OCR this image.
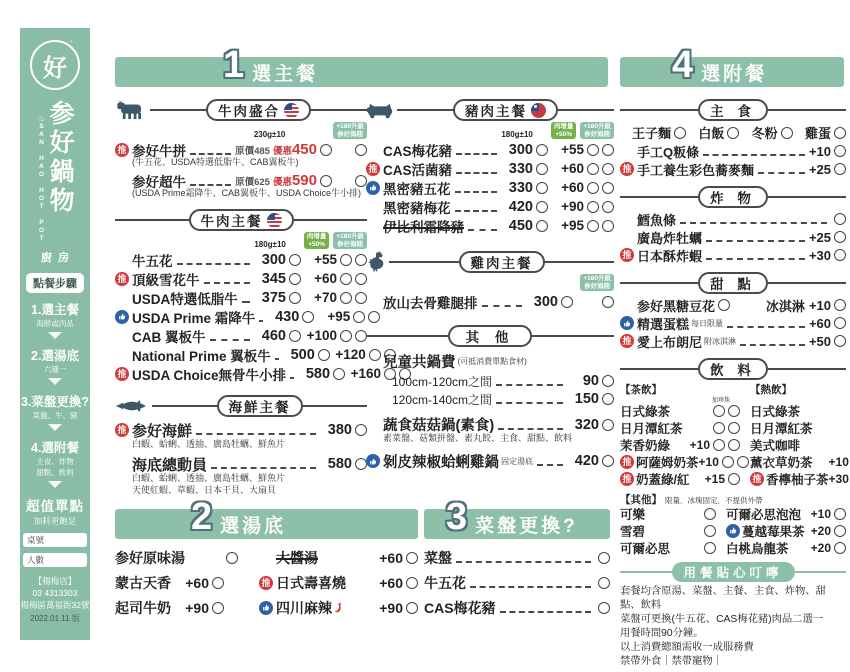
好
'
♨
SAN HAO HOT POT 参好鍋物
廚房
點餐步驟
1.選主餐
海鮮或肉品
2.選湯底
六選一
3.菜盤更換?
菜盤、牛、豬
4.選附餐
主食、炸物
甜點、飲料
超值單點
加料更飽足
桌號
人數
【楊梅店】
03 4313303
楊梅區萬福街32號
2022.01.11 版
1 選主餐	4 選附餐
2 選湯底	3 菜盤更換?
牛肉盛合
230g±10
+180升級
参好海陸
推 参好牛拼	原價485 優惠 450
(牛五花、USDA特選低脂牛、CAB翼板牛)
参好超牛	原價625 優惠 590
(USDA Prime霜降牛、CAB翼板牛、USDA Choice牛小排)
牛肉主餐
180g±10
肉增量
+50%
+180升級
参好海陸
牛五花	300	+55
推 頂級雪花牛	345	+60
USDA特選低脂牛	375	+70
USDA Prime 霜降牛	430	+95
CAB 翼板牛	460	+100
National Prime 翼板牛	500	+120
推 USDA Choice無骨牛小排	580	+160
海鮮主餐
推 参好海鮮	380
白蝦、蛤蜊、透抽、廣島牡蠣、鮮魚片
海底總動員	580
白蝦、蛤蜊、透抽、廣島牡蠣、鮮魚片
天使紅蝦、草蝦、日本干貝、大扇貝
豬肉主餐
180g±10
肉增量
+50%
+180升級
参好海陸
CAS梅花豬	300	+55
推 CAS活菌豬	330	+60
黑密豬五花	330	+60
黑密豬梅花	420	+90
伊比利霜降豬	450	+95
雞肉主餐
+180升級
参好海陸
放山去骨雞腿排	300
其 他
兒童共鍋費 (可抵消費單點食材)
100cm-120cm之間	90
120cm-140cm之間	150
蔬食菇菇鍋(素食)	320
素菜盤、菇類拼盤、素丸餃、主食、甜點、飲料
剝皮辣椒蛤蜊雞鍋 固定湯底	420
主 食
王子麵 白飯 冬粉 雞蛋
手工Q粄條	+10
推 手工養生彩色蕎麥麵	+25
炸 物
鱈魚條
廣島炸牡蠣	+25
推 日本酥炸蝦	+30
甜 點
参好黑糖豆花	冰淇淋 +10
精選蛋糕 每日限量	+60
推 愛上布朗尼 附冰淇淋	+50
飲 料
【茶飲】
加珍珠
日式綠茶
日月潭紅茶
茉香奶綠 +10
推 阿薩姆奶茶 +10
推 奶蓋綠/紅 +15
【熱飲】
日式綠茶
日月潭紅茶
美式咖啡
薰衣草奶茶 +10
推 香檸柚子茶 +30
【其他】 限量．冰塊固定．不提供外帶
可樂
雪碧
可爾必思
可爾必思泡泡 +10
蔓越莓果茶 +20
白桃烏龍茶 +20
用餐貼心叮嚀
套餐均含原湯、菜盤、主餐、主食、炸物、甜點、飲料
菜盤可更換(牛五花、CAS梅花豬)肉品二選一
用餐時間90分鐘。
以上消費總額需收一成服務費
禁帶外食｜禁帶寵物｜
参好原味湯
蒙古天香	+60
起司牛奶	+90
大醬湯	+60
推 日式壽喜燒	+60
四川麻辣	+90
菜盤
牛五花
CAS梅花豬
